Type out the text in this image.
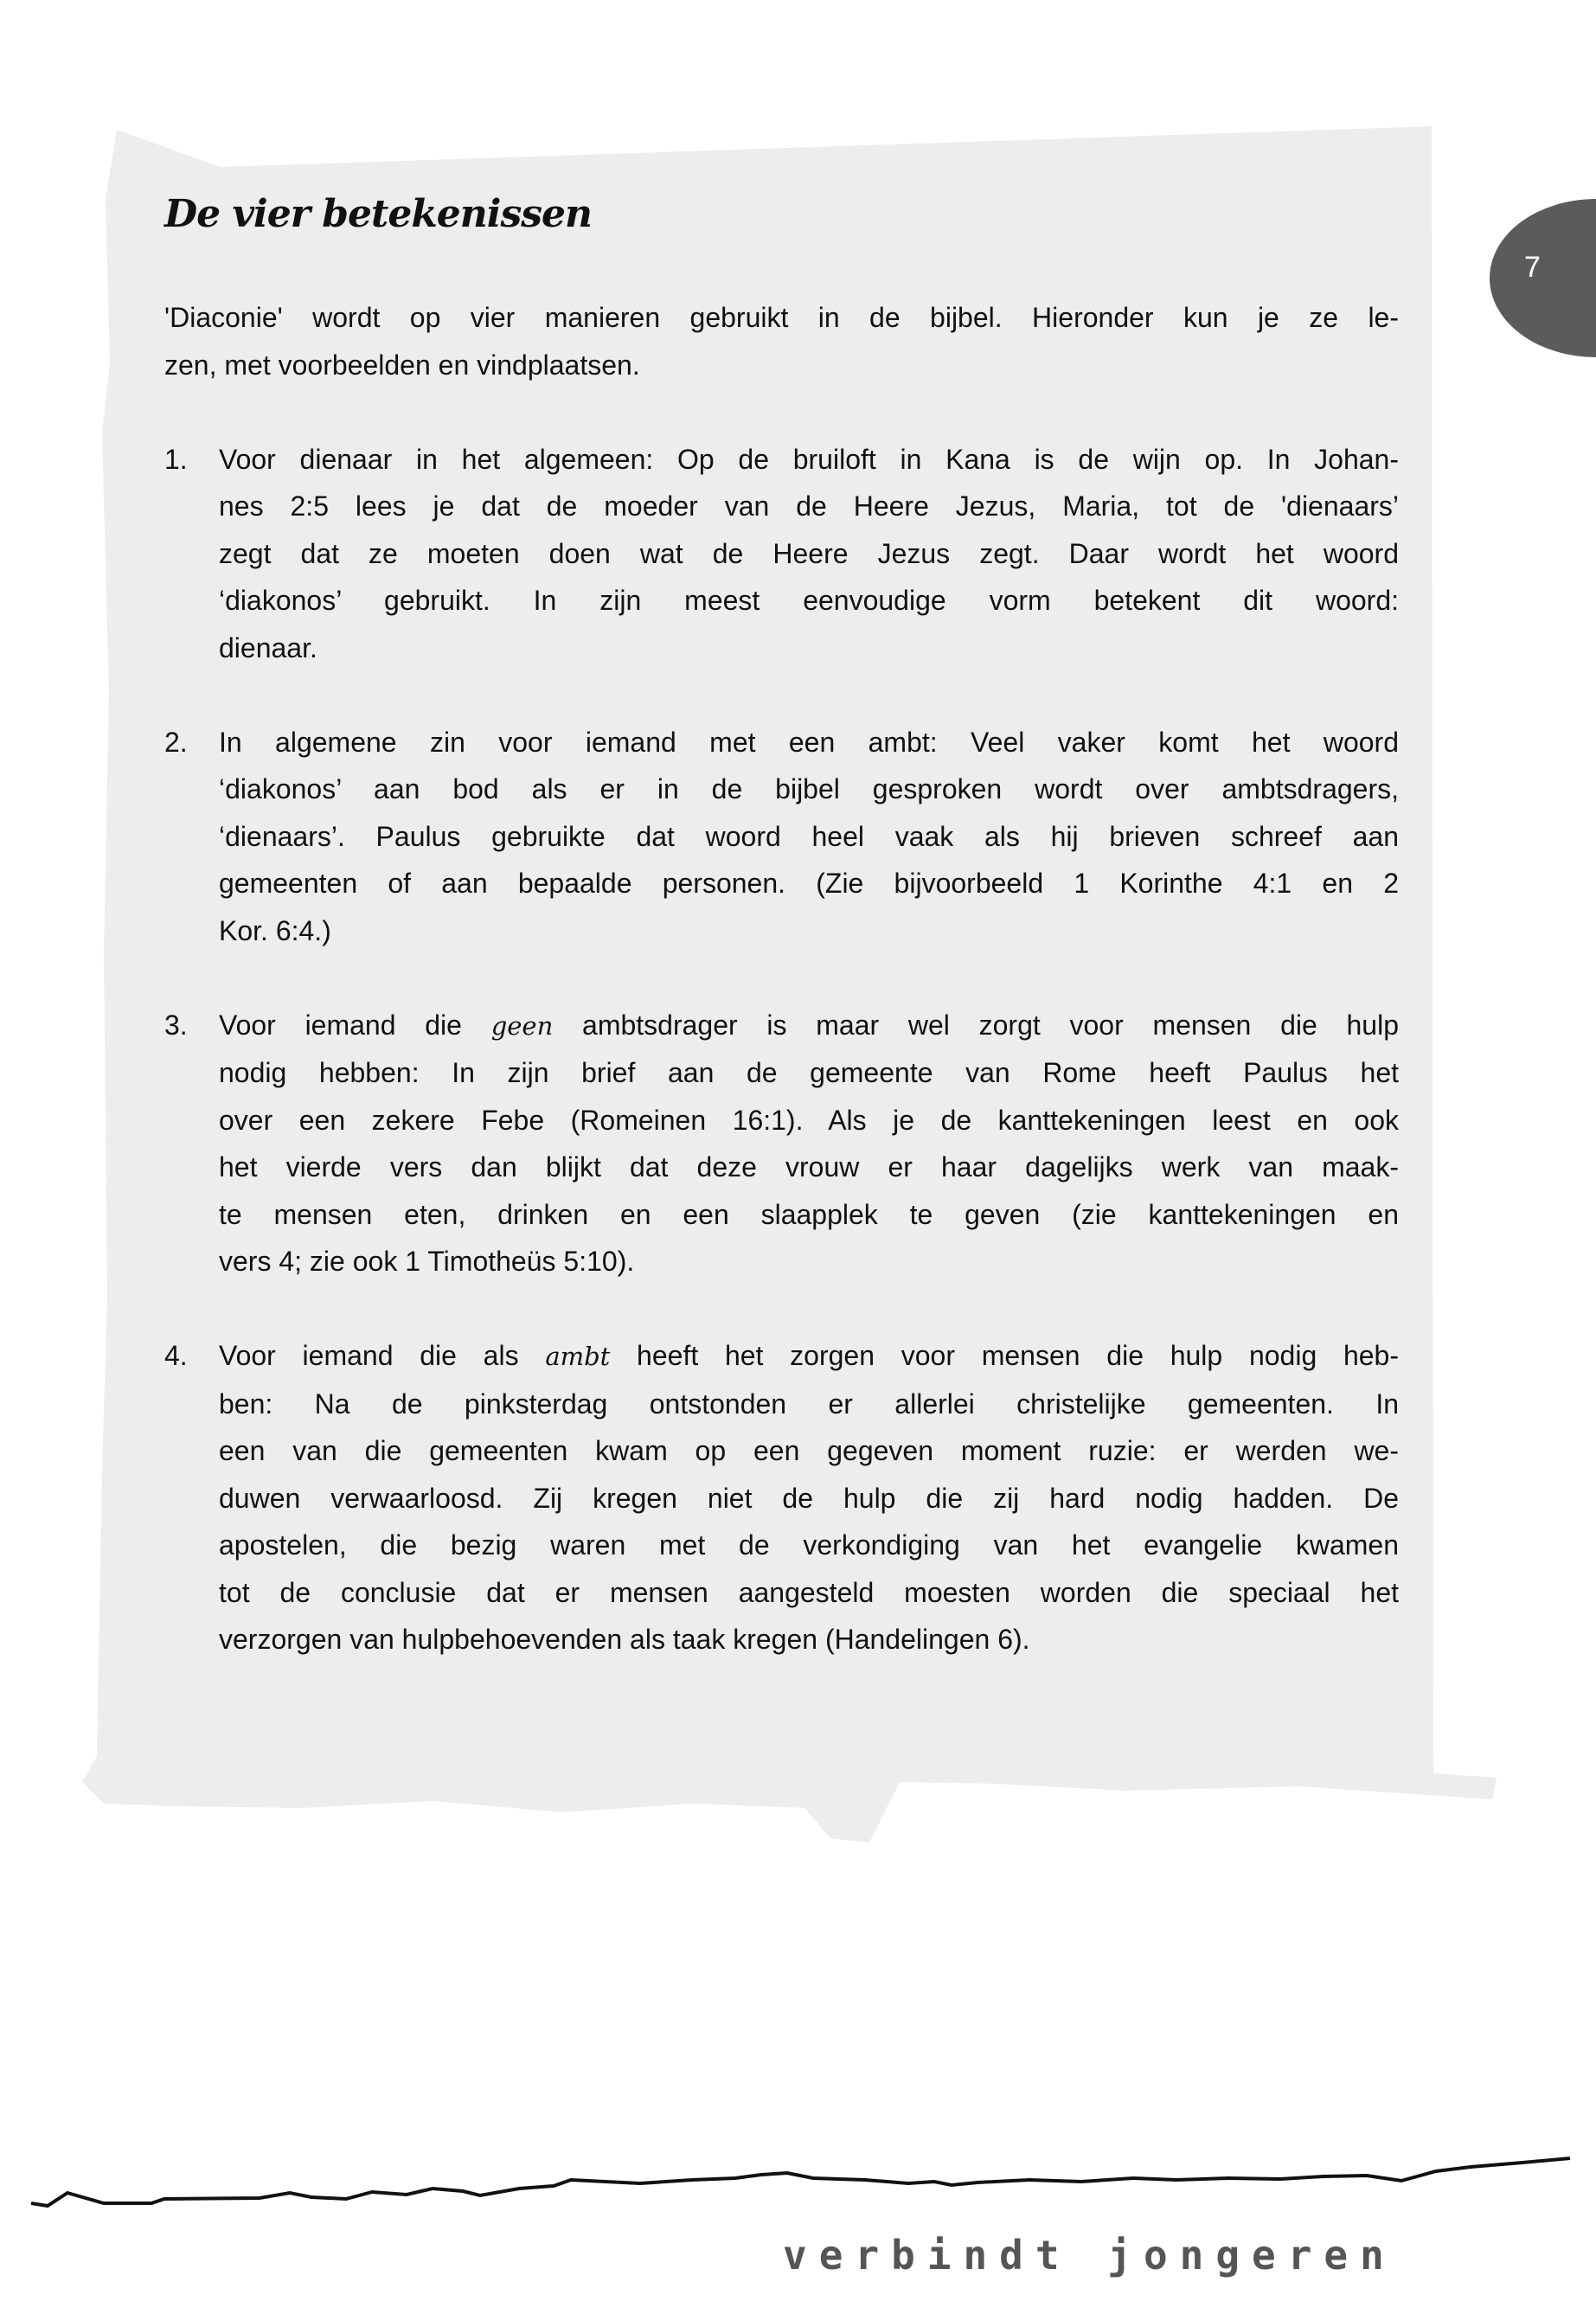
7
De vier betekenissen
'Diaconie' wordt op vier manieren gebruikt in de bijbel. Hieronder kun je ze le-
zen, met voorbeelden en vindplaatsen.
1. Voor dienaar in het algemeen: Op de bruiloft in Kana is de wijn op. In Johan-
nes 2:5 lees je dat de moeder van de Heere Jezus, Maria, tot de 'dienaars’
zegt dat ze moeten doen wat de Heere Jezus zegt. Daar wordt het woord
‘diakonos’ gebruikt. In zijn meest eenvoudige vorm betekent dit woord:
dienaar.
2. In algemene zin voor iemand met een ambt: Veel vaker komt het woord
‘diakonos’ aan bod als er in de bijbel gesproken wordt over ambtsdragers,
‘dienaars’. Paulus gebruikte dat woord heel vaak als hij brieven schreef aan
gemeenten of aan bepaalde personen. (Zie bijvoorbeeld 1 Korinthe 4:1 en 2
Kor. 6:4.)
3. Voor iemand die geen ambtsdrager is maar wel zorgt voor mensen die hulp
nodig hebben: In zijn brief aan de gemeente van Rome heeft Paulus het
over een zekere Febe (Romeinen 16:1). Als je de kanttekeningen leest en ook
het vierde vers dan blijkt dat deze vrouw er haar dagelijks werk van maak-
te mensen eten, drinken en een slaapplek te geven (zie kanttekeningen en
vers 4; zie ook 1 Timotheüs 5:10).
4. Voor iemand die als ambt heeft het zorgen voor mensen die hulp nodig heb-
ben: Na de pinksterdag ontstonden er allerlei christelijke gemeenten. In
een van die gemeenten kwam op een gegeven moment ruzie: er werden we-
duwen verwaarloosd. Zij kregen niet de hulp die zij hard nodig hadden. De
apostelen, die bezig waren met de verkondiging van het evangelie kwamen
tot de conclusie dat er mensen aangesteld moesten worden die speciaal het
verzorgen van hulpbehoevenden als taak kregen (Handelingen 6).
verbindt jongeren
